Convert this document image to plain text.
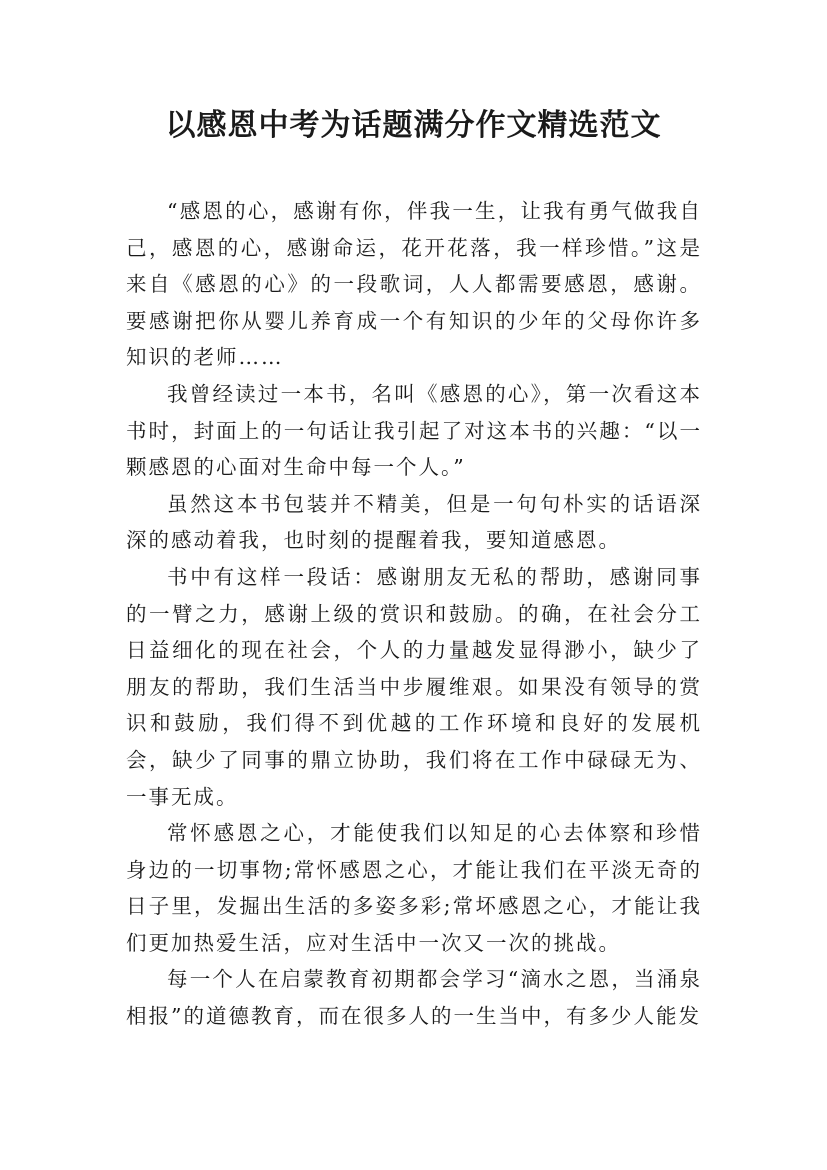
以感恩中考为话题满分作文精选范文

“感恩的心，感谢有你，伴我一生，让我有勇气做我自己，感恩的心，感谢命运，花开花落，我一样珍惜。”这是来自《感恩的心》的一段歌词，人人都需要感恩，感谢。要感谢把你从婴儿养育成一个有知识的少年的父母你许多知识的老师……

我曾经读过一本书，名叫《感恩的心》，第一次看这本书时，封面上的一句话让我引起了对这本书的兴趣：“以一颗感恩的心面对生命中每一个人。”

虽然这本书包装并不精美，但是一句句朴实的话语深深的感动着我，也时刻的提醒着我，要知道感恩。

书中有这样一段话：感谢朋友无私的帮助，感谢同事的一臂之力，感谢上级的赏识和鼓励。的确，在社会分工日益细化的现在社会，个人的力量越发显得渺小，缺少了朋友的帮助，我们生活当中步履维艰。如果没有领导的赏识和鼓励，我们得不到优越的工作环境和良好的发展机会，缺少了同事的鼎立协助，我们将在工作中碌碌无为、一事无成。

常怀感恩之心，才能使我们以知足的心去体察和珍惜身边的一切事物;常怀感恩之心，才能让我们在平淡无奇的日子里，发掘出生活的多姿多彩;常坏感恩之心，才能让我们更加热爱生活，应对生活中一次又一次的挑战。

每一个人在启蒙教育初期都会学习“滴水之恩，当涌泉相报”的道德教育，而在很多人的一生当中，有多少人能发
